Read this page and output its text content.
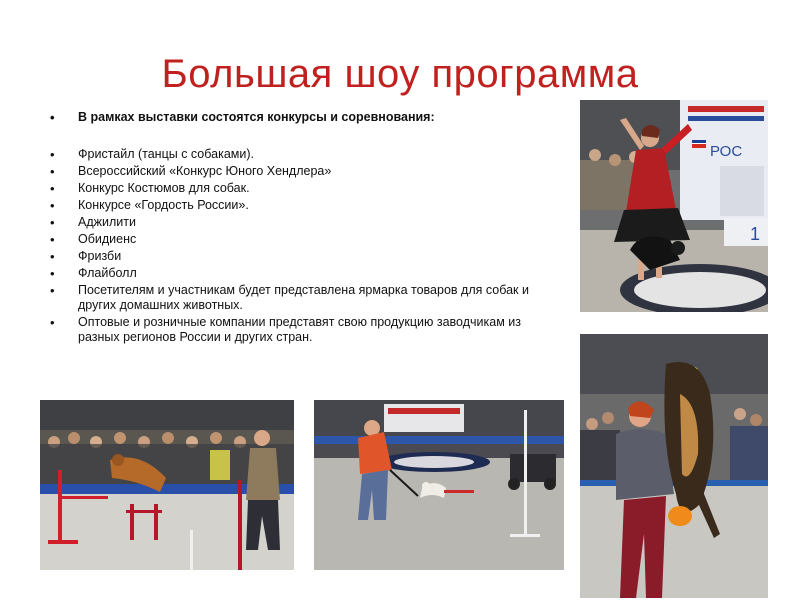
Большая шоу программа
• В рамках выставки состоятся конкурсы и соревнования:
• Фристайл (танцы с собаками).
• Всероссийский «Конкурс Юного Хендлера»
• Конкурс Костюмов для собак.
• Конкурсе «Гордость России».
• Аджилити
• Обидиенс
• Фризби
• Флайболл
• Посетителям и участникам будет представлена ярмарка товаров для собак и других домашних животных.
• Оптовые и розничные компании представят свою продукцию заводчикам из разных регионов России и других стран.
РОС
1
